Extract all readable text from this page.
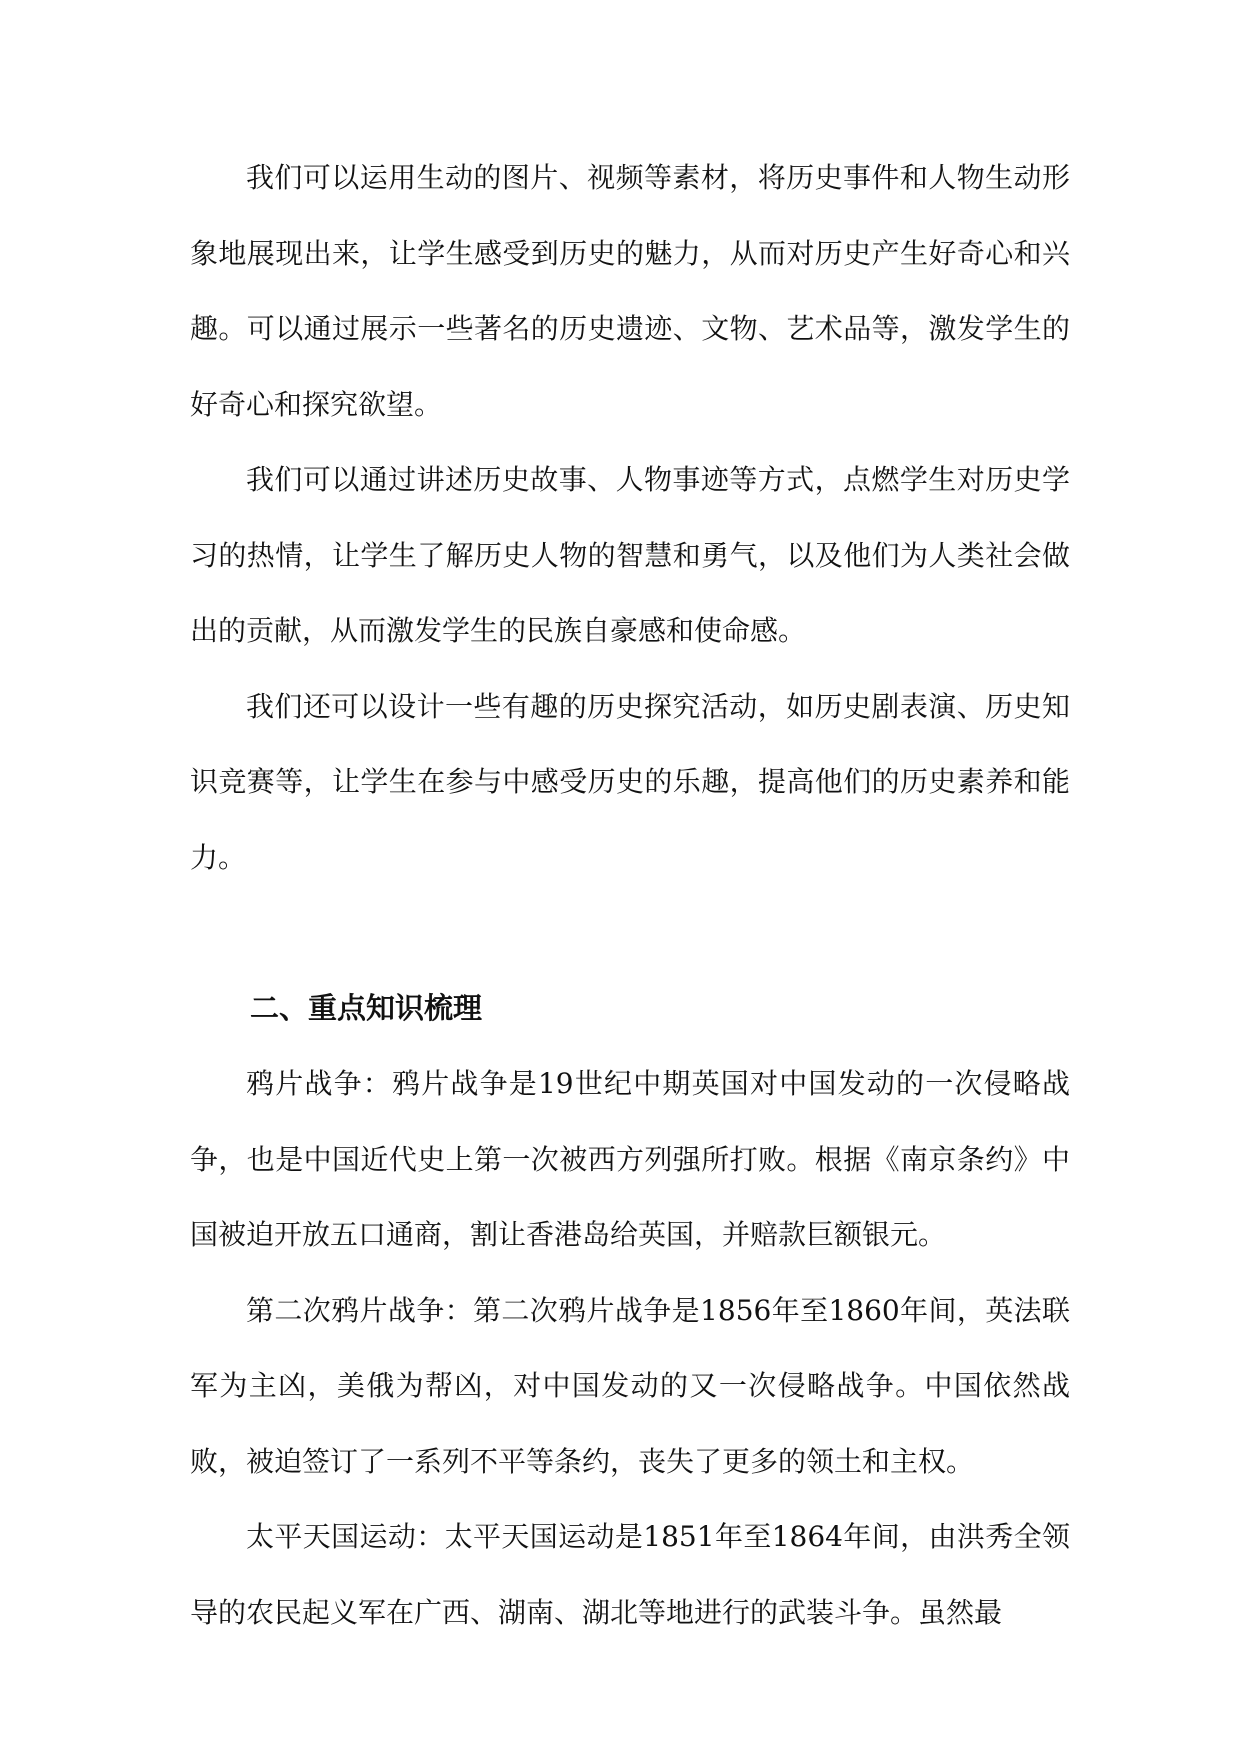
我们可以运用生动的图片、视频等素材，将历史事件和人物生动形象地展现出来，让学生感受到历史的魅力，从而对历史产生好奇心和兴趣。可以通过展示一些著名的历史遗迹、文物、艺术品等，激发学生的好奇心和探究欲望。

我们可以通过讲述历史故事、人物事迹等方式，点燃学生对历史学习的热情，让学生了解历史人物的智慧和勇气，以及他们为人类社会做出的贡献，从而激发学生的民族自豪感和使命感。

我们还可以设计一些有趣的历史探究活动，如历史剧表演、历史知识竞赛等，让学生在参与中感受历史的乐趣，提高他们的历史素养和能力。

二、重点知识梳理

鸦片战争：鸦片战争是19世纪中期英国对中国发动的一次侵略战争，也是中国近代史上第一次被西方列强所打败。根据《南京条约》中国被迫开放五口通商，割让香港岛给英国，并赔款巨额银元。

第二次鸦片战争：第二次鸦片战争是1856年至1860年间，英法联军为主凶，美俄为帮凶，对中国发动的又一次侵略战争。中国依然战败，被迫签订了一系列不平等条约，丧失了更多的领土和主权。

太平天国运动：太平天国运动是1851年至1864年间，由洪秀全领导的农民起义军在广西、湖南、湖北等地进行的武装斗争。虽然最
